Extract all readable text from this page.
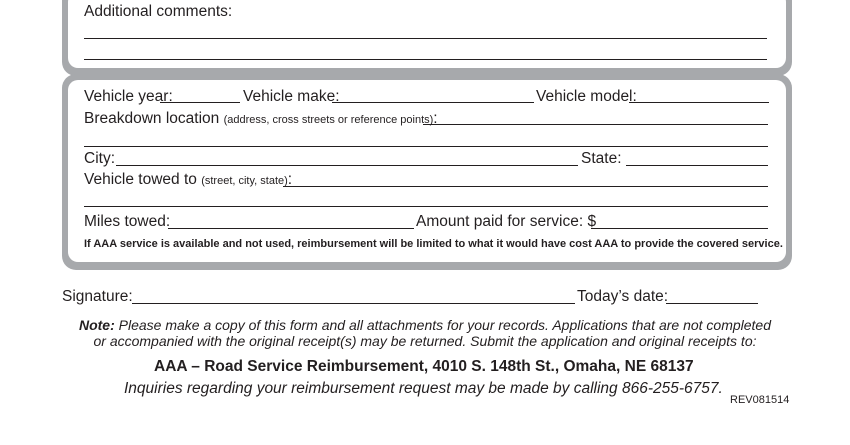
Additional comments:
Vehicle year:	Vehicle make:	Vehicle model:
Breakdown location (address, cross streets or reference points):
City:	State:
Vehicle towed to (street, city, state):
Miles towed:	Amount paid for service: $
If AAA service is available and not used, reimbursement will be limited to what it would have cost AAA to provide the covered service.
Signature:	Today’s date:
Note: Please make a copy of this form and all attachments for your records. Applications that are not completed
or accompanied with the original receipt(s) may be returned. Submit the application and original receipts to:
AAA – Road Service Reimbursement, 4010 S. 148th St., Omaha, NE 68137
Inquiries regarding your reimbursement request may be made by calling 866-255-6757.
REV081514
